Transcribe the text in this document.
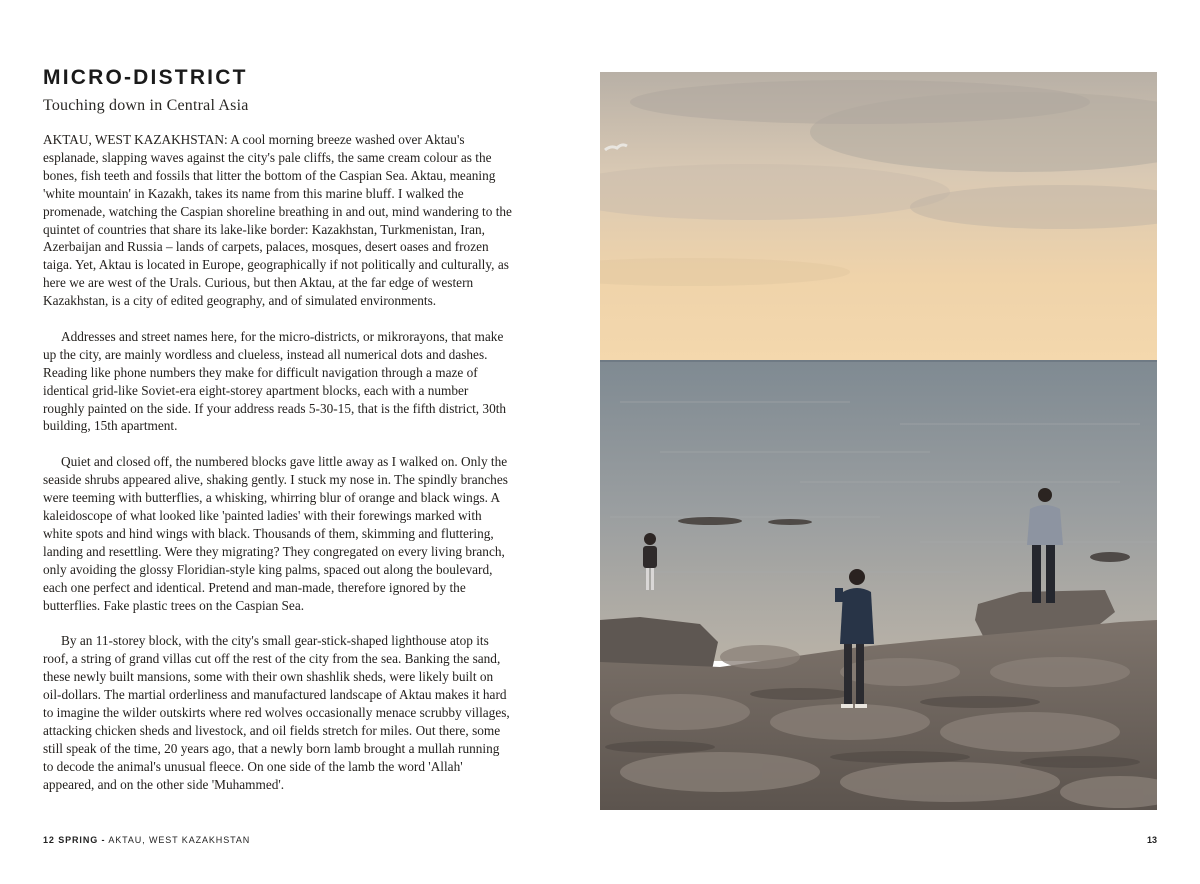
MICRO-DISTRICT
Touching down in Central Asia

AKTAU, WEST KAZAKHSTAN: A cool morning breeze washed over Aktau's esplanade, slapping waves against the city's pale cliffs, the same cream colour as the bones, fish teeth and fossils that litter the bottom of the Caspian Sea. Aktau, meaning 'white mountain' in Kazakh, takes its name from this marine bluff. I walked the promenade, watching the Caspian shoreline breathing in and out, mind wandering to the quintet of countries that share its lake-like border: Kazakhstan, Turkmenistan, Iran, Azerbaijan and Russia – lands of carpets, palaces, mosques, desert oases and frozen taiga. Yet, Aktau is located in Europe, geographically if not politically and culturally, as here we are west of the Urals. Curious, but then Aktau, at the far edge of western Kazakhstan, is a city of edited geography, and of simulated environments.

Addresses and street names here, for the micro-districts, or mikrorayons, that make up the city, are mainly wordless and clueless, instead all numerical dots and dashes. Reading like phone numbers they make for difficult navigation through a maze of identical grid-like Soviet-era eight-storey apartment blocks, each with a number roughly painted on the side. If your address reads 5-30-15, that is the fifth district, 30th building, 15th apartment.

Quiet and closed off, the numbered blocks gave little away as I walked on. Only the seaside shrubs appeared alive, shaking gently. I stuck my nose in. The spindly branches were teeming with butterflies, a whisking, whirring blur of orange and black wings. A kaleidoscope of what looked like 'painted ladies' with their forewings marked with white spots and hind wings with black. Thousands of them, skimming and fluttering, landing and resettling. Were they migrating? They congregated on every living branch, only avoiding the glossy Floridian-style king palms, spaced out along the boulevard, each one perfect and identical. Pretend and man-made, therefore ignored by the butterflies. Fake plastic trees on the Caspian Sea.

By an 11-storey block, with the city's small gear-stick-shaped lighthouse atop its roof, a string of grand villas cut off the rest of the city from the sea. Banking the sand, these newly built mansions, some with their own shashlik sheds, were likely built on oil-dollars. The martial orderliness and manufactured landscape of Aktau makes it hard to imagine the wilder outskirts where red wolves occasionally menace scrubby villages, attacking chicken sheds and livestock, and oil fields stretch for miles. Out there, some still speak of the time, 20 years ago, that a newly born lamb brought a mullah running to decode the animal's unusual fleece. On one side of the lamb the word 'Allah' appeared, and on the other side 'Muhammed'.

12 SPRING - AKTAU, WEST KAZAKHSTAN	13
